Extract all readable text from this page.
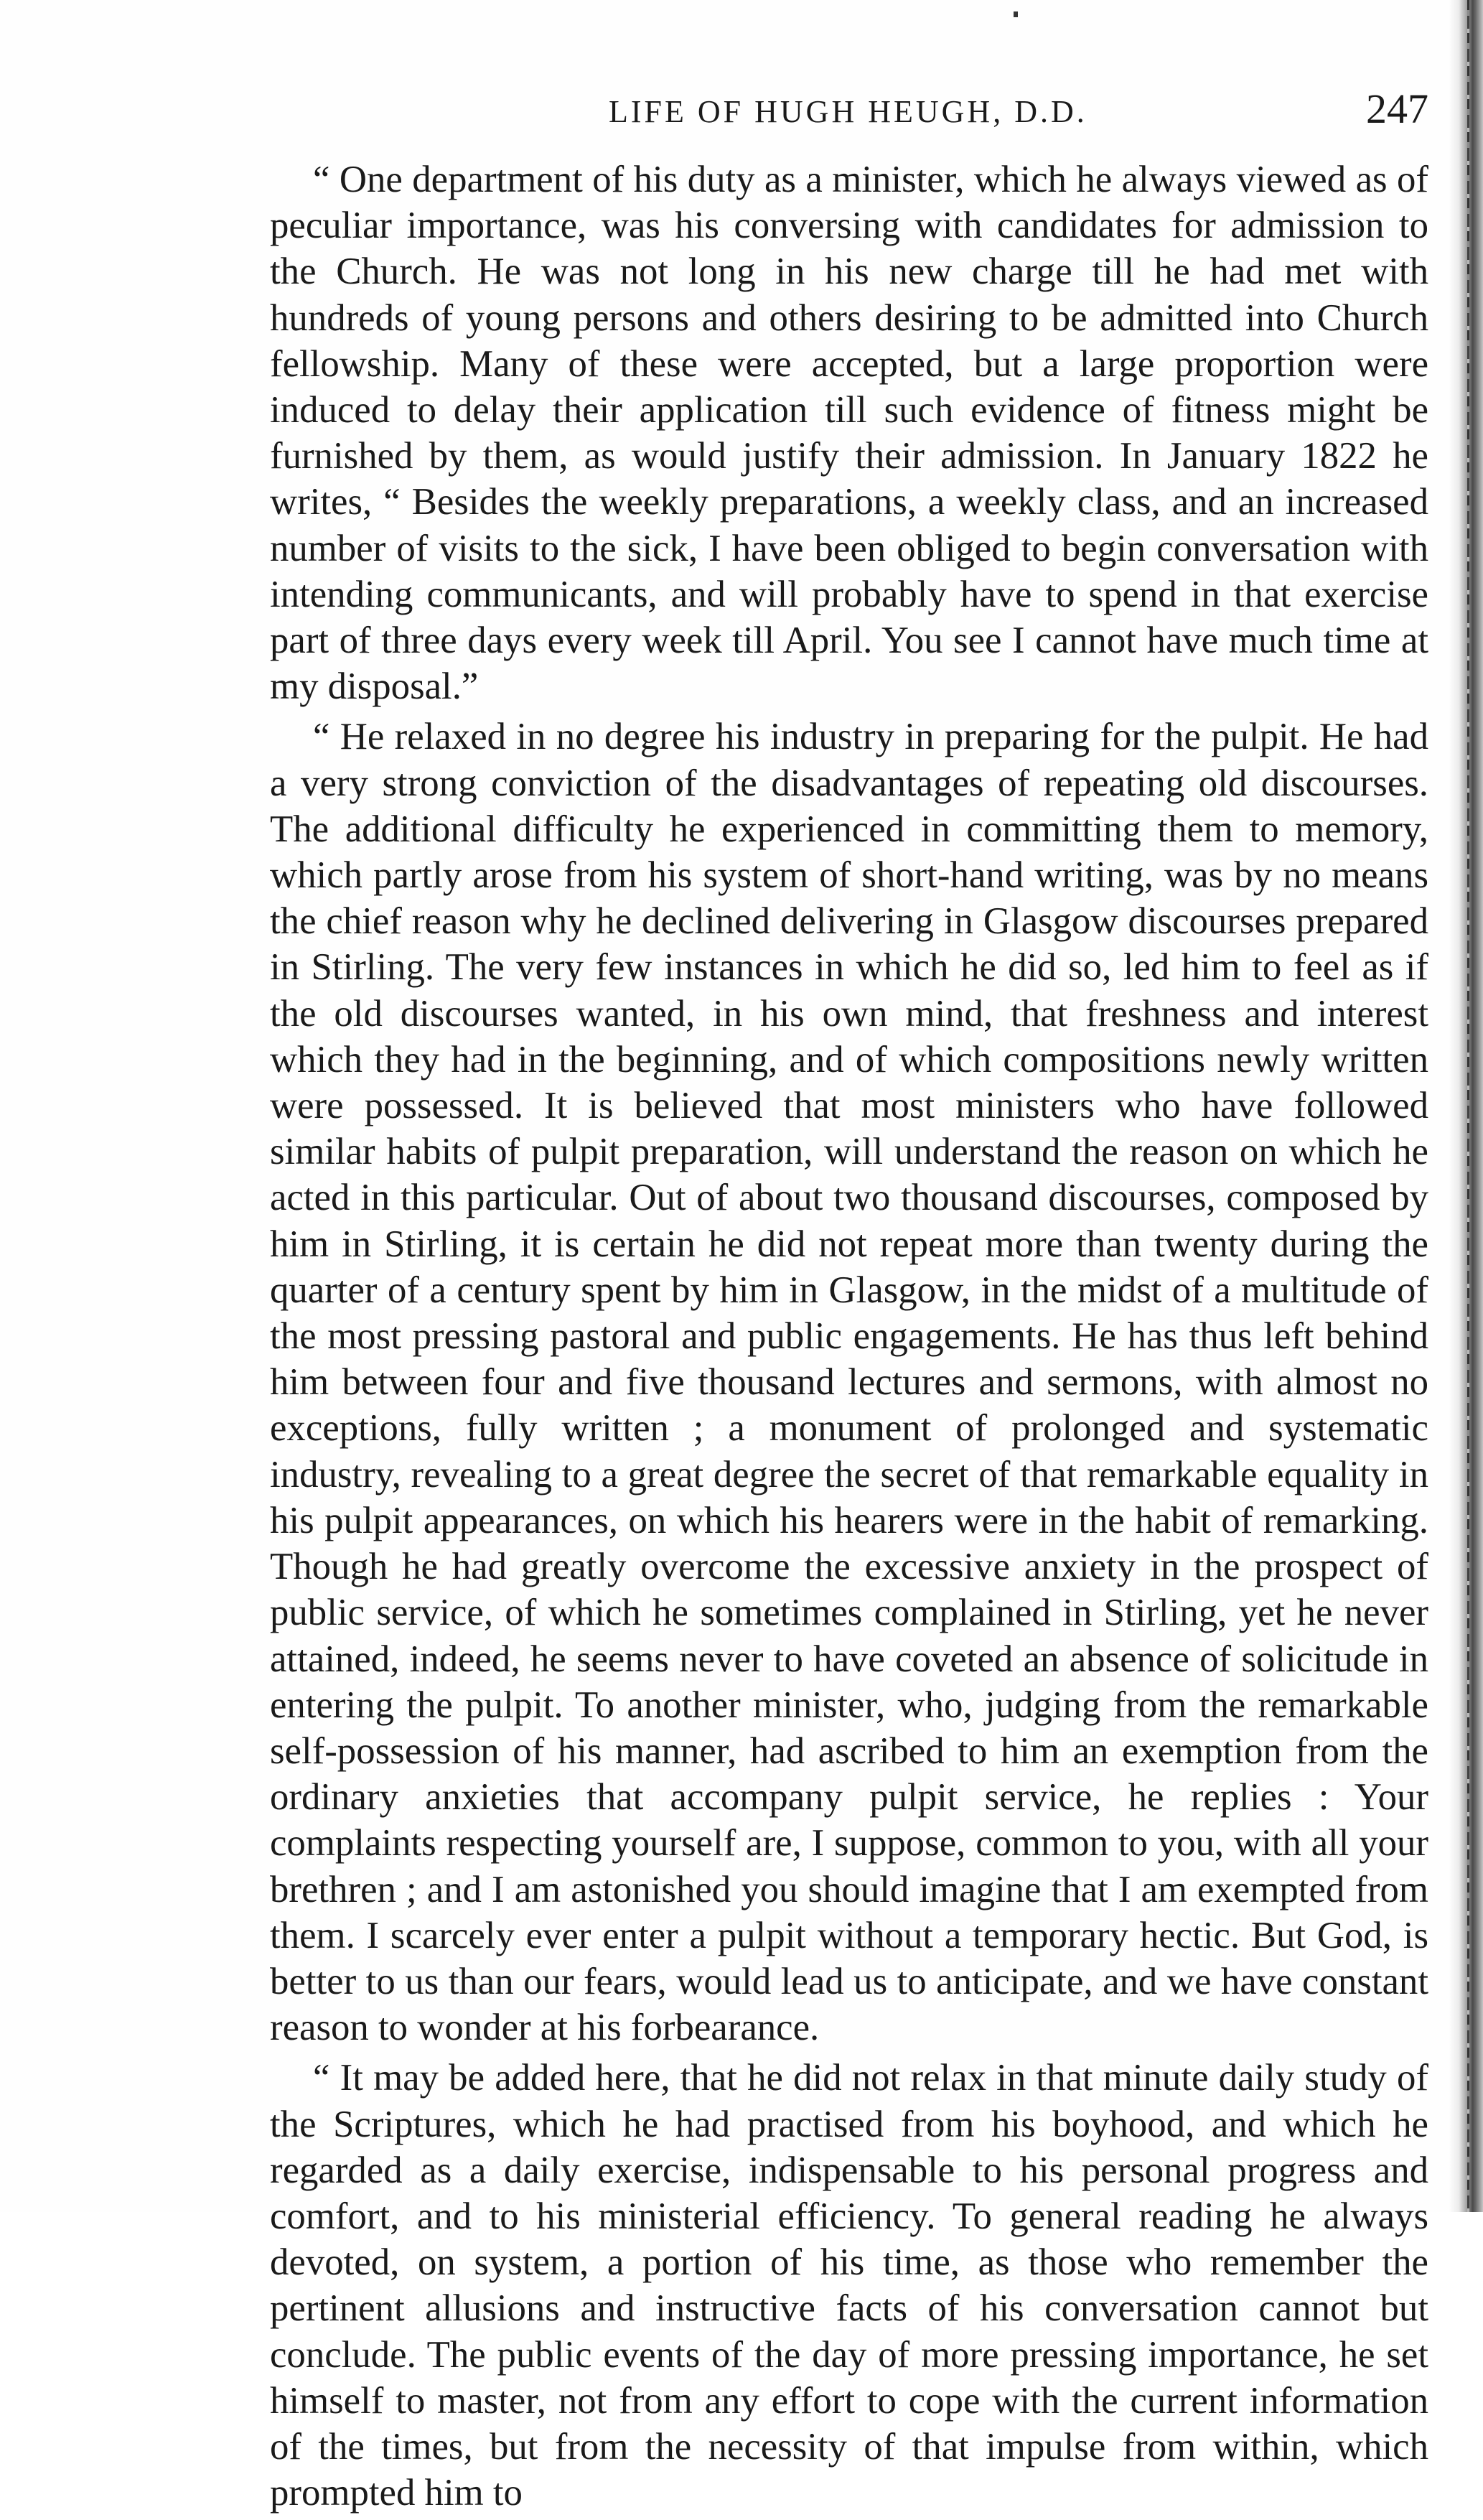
LIFE OF HUGH HEUGH, D.D.	247

“ One department of his duty as a minister, which he always viewed as of peculiar importance, was his conversing with candidates for admission to the Church. He was not long in his new charge till he had met with hundreds of young persons and others desiring to be admitted into Church fellowship. Many of these were accepted, but a large proportion were induced to delay their application till such evidence of fitness might be furnished by them, as would justify their admission. In January 1822 he writes, “ Besides the weekly preparations, a weekly class, and an increased number of visits to the sick, I have been obliged to begin conversation with intending communicants, and will probably have to spend in that exercise part of three days every week till April. You see I cannot have much time at my disposal.”

“ He relaxed in no degree his industry in preparing for the pulpit. He had a very strong conviction of the disadvantages of repeating old discourses. The additional difficulty he experienced in committing them to memory, which partly arose from his system of short-hand writing, was by no means the chief reason why he declined delivering in Glasgow discourses prepared in Stirling. The very few instances in which he did so, led him to feel as if the old discourses wanted, in his own mind, that freshness and interest which they had in the beginning, and of which compositions newly written were possessed. It is believed that most ministers who have followed similar habits of pulpit preparation, will understand the reason on which he acted in this particular. Out of about two thousand discourses, composed by him in Stirling, it is certain he did not repeat more than twenty during the quarter of a century spent by him in Glasgow, in the midst of a multitude of the most pressing pastoral and public engagements. He has thus left behind him between four and five thousand lectures and sermons, with almost no exceptions, fully written ; a monument of prolonged and systematic industry, revealing to a great degree the secret of that remarkable equality in his pulpit appearances, on which his hearers were in the habit of remarking. Though he had greatly overcome the excessive anxiety in the prospect of public service, of which he sometimes complained in Stirling, yet he never attained, indeed, he seems never to have coveted an absence of solicitude in entering the pulpit. To another minister, who, judging from the remarkable self-possession of his manner, had ascribed to him an exemption from the ordinary anxieties that accompany pulpit service, he replies : Your complaints respecting yourself are, I suppose, common to you, with all your brethren ; and I am astonished you should imagine that I am exempted from them. I scarcely ever enter a pulpit without a temporary hectic. But God, is better to us than our fears, would lead us to anticipate, and we have constant reason to wonder at his forbearance.

“ It may be added here, that he did not relax in that minute daily study of the Scriptures, which he had practised from his boyhood, and which he regarded as a daily exercise, indispensable to his personal progress and comfort, and to his ministerial efficiency. To general reading he always devoted, on system, a portion of his time, as those who remember the pertinent allusions and instructive facts of his conversation cannot but conclude. The public events of the day of more pressing importance, he set himself to master, not from any effort to cope with the current information of the times, but from the necessity of that impulse from within, which prompted him to
